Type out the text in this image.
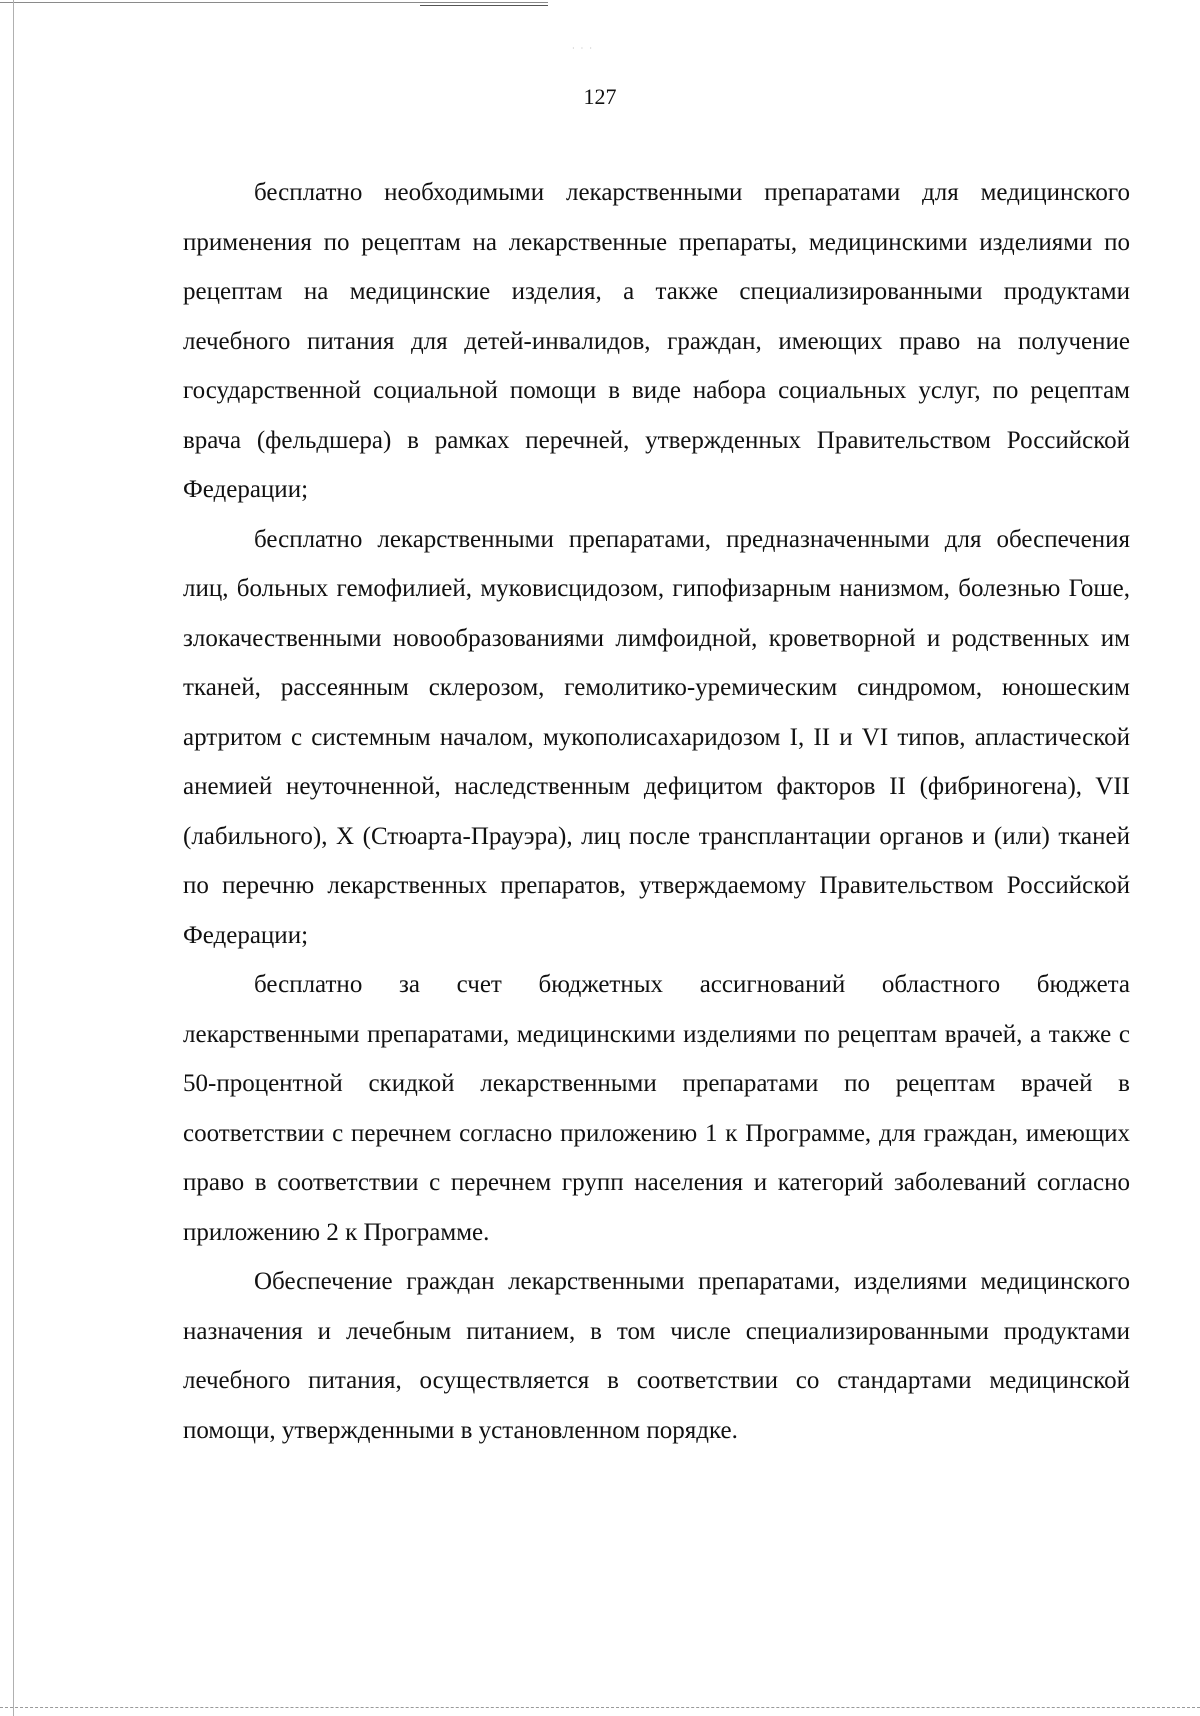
· · ·
127

бесплатно необходимыми лекарственными препаратами для медицинского применения по рецептам на лекарственные препараты, медицинскими изделиями по рецептам на медицинские изделия, а также специализированными продуктами лечебного питания для детей-инвалидов, граждан, имеющих право на получение государственной социальной помощи в виде набора социальных услуг, по рецептам врача (фельдшера) в рамках перечней, утвержденных Правительством Российской Федерации;

бесплатно лекарственными препаратами, предназначенными для обеспечения лиц, больных гемофилией, муковисцидозом, гипофизарным нанизмом, болезнью Гоше, злокачественными новообразованиями лимфоидной, кроветворной и родственных им тканей, рассеянным склерозом, гемолитико-уремическим синдромом, юношеским артритом с системным началом, мукополисахаридозом I, II и VI типов, апластической анемией неуточненной, наследственным дефицитом факторов II (фибриногена), VII (лабильного), X (Стюарта-Прауэра), лиц после трансплантации органов и (или) тканей по перечню лекарственных препаратов, утверждаемому Правительством Российской Федерации;

бесплатно за счет бюджетных ассигнований областного бюджета лекарственными препаратами, медицинскими изделиями по рецептам врачей, а также с 50-процентной скидкой лекарственными препаратами по рецептам врачей в соответствии с перечнем согласно приложению 1 к Программе, для граждан, имеющих право в соответствии с перечнем групп населения и категорий заболеваний согласно приложению 2 к Программе.

Обеспечение граждан лекарственными препаратами, изделиями медицинского назначения и лечебным питанием, в том числе специализированными продуктами лечебного питания, осуществляется в соответствии со стандартами медицинской помощи, утвержденными в установленном порядке.
